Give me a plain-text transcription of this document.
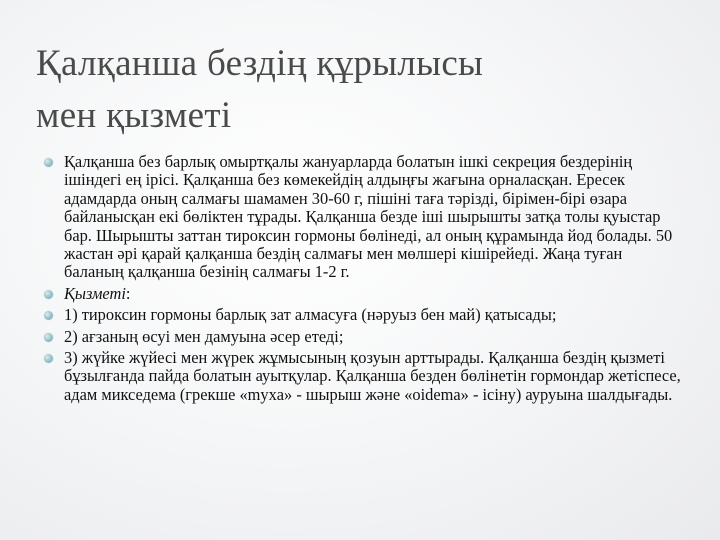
Қалқанша бездің құрылысы
мен қызметі
Қалқанша без барлық омыртқалы жануарларда болатын ішкі секреция бездерінің ішіндегі ең ірісі. Қалқанша без көмекейдің алдыңғы жағына орналасқан. Ересек адамдарда оның салмағы шамамен 30-60 г, пішіні таға тәрізді, бірімен-бірі өзара байланысқан екі бөліктен тұрады. Қалқанша безде іші шырышты затқа толы қуыстар бар. Шырышты заттан тироксин гормоны бөлінеді, ал оның құрамында йод болады. 50 жастан әрі қарай қалқанша бездің салмағы мен мөлшері кішірейеді. Жаңа туған баланың қалқанша безінің салмағы 1-2 г.
Қызметі:
1) тироксин гормоны барлық зат алмасуға (нәруыз бен май) қатысады;
2) ағзаның өсуі мен дамуына әсер етеді;
3) жүйке жүйесі мен жүрек жұмысының қозуын арттырады. Қалқанша бездің қызметі бұзылғанда пайда болатын ауытқулар. Қалқанша безден бөлінетін гормондар жетіспесе, адам микседема (грекше «myxa» - шырыш және «oidema» - ісіну) ауруына шалдығады.
